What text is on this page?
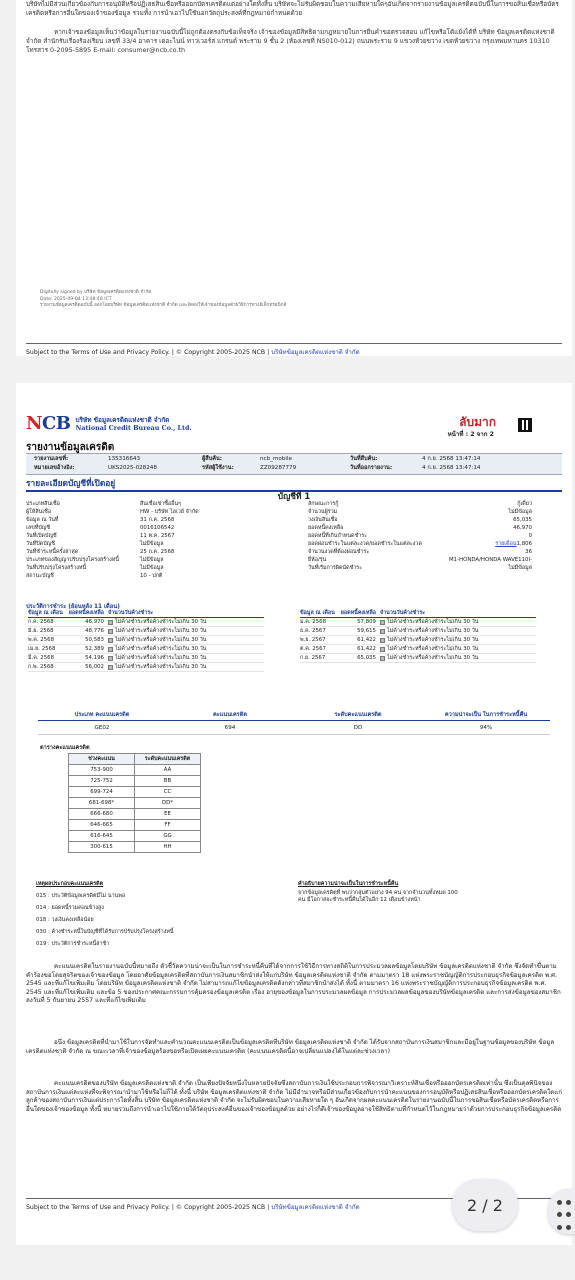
บริษัทไม่มีส่วนเกี่ยวข้องกับการอนุมัติหรือปฏิเสธสินเชื่อหรือออกบัตรเครดิตแต่อย่างใดทั้งสิ้น บริษัทจะไม่รับผิดชอบในความเสียหายใดๆอันเกิดจากรายงานข้อมูลเครดิตฉบับนี้ในการขอสินเชื่อหรือบัตรเครดิตหรือการอื่นใดของเจ้าของข้อมูล รวมทั้ง การนำเอาไปใช้นอกวัตถุประสงค์ที่กฎหมายกำหนดด้วย

หากเจ้าของข้อมูลเห็นว่าข้อมูลในรายงานฉบับนี้ไม่ถูกต้องตรงกับข้อเท็จจริง เจ้าของข้อมูลมีสิทธิตามกฎหมายในการยื่นคำขอตรวจสอบ แก้ไขหรือโต้แย้งได้ที่ บริษัท ข้อมูลเครดิตแห่งชาติ จำกัด สำนักรับเรื่องร้องเรียน เลขที่ 33/4 อาคาร เดอะไนน์ ทาวเวอร์ส แกรนด์ พระราม 9 ชั้น 2 (ห้องเลขที่ NS010-012) ถนนพระราม 9 แขวงห้วยขวาง เขตห้วยขวาง กรุงเทพมหานคร 10310 โทรสาร 0-2095-5895 E-mail: consumer@ncb.co.th

Digitally signed by บริษัท ข้อมูลเครดิตแห่งชาติ จำกัด
Date: 2025-09-04 13:48:48 ICT
รายงานข้อมูลเครดิตฉบับนี้ ออกโดยบริษัท ข้อมูลเครดิตแห่งชาติ จำกัด และจัดส่งให้เจ้าของข้อมูลด้วยวิธีการทางอิเล็กทรอนิกส์
Subject to the Terms of Use and Privacy Policy. | © Copyright 2005-2025 NCB | บริษัทข้อมูลเครดิตแห่งชาติ จำกัด
NCB บริษัท ข้อมูลเครดิตแห่งชาติ จำกัด
National Credit Bureau Co., Ltd.	ลับมาก
หน้าที่ : 2 จาก 2
รายงานข้อมูลเครดิต
รายงานเลขที่:	135316643
หมายเลขอ้างอิง:	UKS2025-028248
ผู้สืบค้น:	ncb_mobile
รหัสผู้ใช้งาน:	ZZ09287779
วันที่สืบค้น:	4 ก.ย. 2568 13:47:14
วันที่ออกรายงาน:	4 ก.ย. 2568 13:47:14
รายละเอียดบัญชีที่เปิดอยู่
บัญชีที่ 1
ประเภทสินเชื่อ	สินเชื่อเช่าซื้ออื่นๆ
ผู้ให้สินเชื่อ	HW - บริษัท ไฮเวย์ จำกัด
ข้อมูล ณ วันที่	31 ก.ค. 2568
เลขที่บัญชี	0016106542
วันที่เปิดบัญชี	11 ต.ค. 2567
วันที่ปิดบัญชี	ไม่มีข้อมูล
วันที่ชำระหนี้ครั้งล่าสุด	25 ก.ค. 2568
ประเภทของสัญญาปรับปรุงโครงสร้างหนี้	ไม่มีข้อมูล
วันที่ปรับปรุงโครงสร้างหนี้	ไม่มีข้อมูล
สถานะบัญชี	10 - ปกติ
ลักษณะการกู้	กู้เดี่ยว
จำนวนผู้ร่วม	ไม่มีข้อมูล
วงเงินสินเชื่อ	65,035
ยอดหนี้คงเหลือ	46,970
ยอดหนี้ที่เกินกำหนดชำระ	0
ยอดผ่อนชำระในแต่ละงวด/ยอดชำระในแต่ละงวด	รายเดือน1,806
จำนวนงวดที่ต้องผ่อนชำระ	36
ยี่ห้อ/รุ่น	M1-HONDA/HONDA WAVE110I-
วันที่เริ่มการผิดนัดชำระ	ไม่มีข้อมูล
ประวัติการชำระ (ย้อนหลัง 11 เดือน)
ข้อมูล ณ เดือน	ยอดหนี้คงเหลือ จำนวนวันค้างชำระ
ก.ค. 2568	46,970 ไม่ค้างชำระหรือค้างชำระไม่เกิน 30 วัน
มิ.ย. 2568	48,776 ไม่ค้างชำระหรือค้างชำระไม่เกิน 30 วัน
พ.ค. 2568	50,583 ไม่ค้างชำระหรือค้างชำระไม่เกิน 30 วัน
เม.ย. 2568	52,389 ไม่ค้างชำระหรือค้างชำระไม่เกิน 30 วัน
มี.ค. 2568	54,196 ไม่ค้างชำระหรือค้างชำระไม่เกิน 30 วัน
ก.พ. 2568	56,002 ไม่ค้างชำระหรือค้างชำระไม่เกิน 30 วัน
ข้อมูล ณ เดือน	ยอดหนี้คงเหลือ จำนวนวันค้างชำระ
ม.ค. 2568	57,809 ไม่ค้างชำระหรือค้างชำระไม่เกิน 30 วัน
ธ.ค. 2567	59,615 ไม่ค้างชำระหรือค้างชำระไม่เกิน 30 วัน
พ.ย. 2567	61,422 ไม่ค้างชำระหรือค้างชำระไม่เกิน 30 วัน
ต.ค. 2567	61,422 ไม่ค้างชำระหรือค้างชำระไม่เกิน 30 วัน
ก.ย. 2567	65,035 ไม่ค้างชำระหรือค้างชำระไม่เกิน 30 วัน
ประเภท คะแนนเครดิต	คะแนนเครดิต	ระดับคะแนนเครดิต	ความน่าจะเป็น ในการชำระหนี้คืน
GE02	694	DD	94%
ตารางคะแนนเครดิต
ช่วงคะแนน	ระดับคะแนนเครดิต
753-900	AA
725-752	BB
699-724	CC
681-698*	DD*
666-680	EE
646-665	FF
616-645	GG
300-615	HH
เหตุผลประกอบคะแนนเครดิต
015 : ประวัติข้อมูลเครดิตมีไม่ นานพอ
014 : ยอดหนี้รวมค่อนข้างสูง
018 : วงเงินคงเหลือน้อย
030 : ค้างชำระหนี้ในบัญชีที่ได้รับการปรับปรุงโครงสร้างหนี้
019 : ประวัติการชำระหนี้ล่าช้า
คำอธิบายความน่าจะเป็นในการชำระหนี้คืน
จากข้อมูลเครดิตที่ พบว่ากลุ่มตัวอย่าง 94 คน จากจำนวนทั้งหมด 100 คน มีโอกาสจะชำระหนี้คืนได้ในอีก 12 เดือนข้างหน้า

คะแนนเครดิตในรายงานฉบับนี้หมายถึง ตัวชี้วัดความน่าจะเป็นในการชำระหนี้คืนที่ได้จากการใช้วิธีการทางสถิติในการประมวลผลข้อมูลโดยบริษัท ข้อมูลเครดิตแห่งชาติ จำกัด ซึ่งจัดทำขึ้นตามคำร้องขอโดยสุจริตของเจ้าของข้อมูล โดยอาศัยข้อมูลเครดิตที่สถาบันการเงินสมาชิกนำส่งให้แก่บริษัท ข้อมูลเครดิตแห่งชาติ จำกัด ตามมาตรา 18 แห่งพระราชบัญญัติการประกอบธุรกิจข้อมูลเครดิต พ.ศ. 2545 และที่แก้ไขเพิ่มเติม โดยบริษัท ข้อมูลเครดิตแห่งชาติ จำกัด ไม่สามารถแก้ไขข้อมูลเครดิตดังกล่าวที่สมาชิกนำส่งได้ ทั้งนี้ ตามมาตรา 16 แห่งพระราชบัญญัติการประกอบธุรกิจข้อมูลเครดิต พ.ศ. 2545 และที่แก้ไขเพิ่มเติม และข้อ 5 ของประกาศคณะกรรมการคุ้มครองข้อมูลเครดิต เรื่อง อายุของข้อมูลในการประมวลผลข้อมูล การประมวลผลข้อมูลของบริษัทข้อมูลเครดิต และการส่งข้อมูลของสมาชิก ลงวันที่ 5 กันยายน 2557 และที่แก้ไขเพิ่มเติม

อนึ่ง ข้อมูลเครดิตที่นำมาใช้ในการจัดทำและคำนวณคะแนนเครดิตเป็นข้อมูลเครดิตที่บริษัท ข้อมูลเครดิตแห่งชาติ จำกัด ได้รับจากสถาบันการเงินสมาชิกและมีอยู่ในฐานข้อมูลของบริษัท ข้อมูลเครดิตแห่งชาติ จำกัด ณ ขณะเวลาที่เจ้าของข้อมูลร้องขอหรือเปิดเผยคะแนนเครดิต (คะแนนเครดิตนี้อาจเปลี่ยนแปลงได้ในแต่ละช่วงเวลา)

คะแนนเครดิตของบริษัท ข้อมูลเครดิตแห่งชาติ จำกัด เป็นเพียงปัจจัยหนึ่งในหลายปัจจัยซึ่งสถาบันการเงินใช้ประกอบการพิจารณาวิเคราะห์สินเชื่อหรือออกบัตรเครดิตเท่านั้น ซึ่งเป็นดุลพินิจของสถาบันการเงินแต่ละแห่งที่จะพิจารณานำมาใช้หรือไม่ก็ได้ ทั้งนี้ บริษัท ข้อมูลเครดิตแห่งชาติ จำกัด ไม่มีอำนาจหรือมีส่วนเกี่ยวข้องกับการนำคะแนนของการอนุมัติหรือปฏิเสธสินเชื่อหรือออกบัตรเครดิตใดแก่ลูกค้าของสถาบันการเงินแต่ประการใดทั้งสิ้น บริษัท ข้อมูลเครดิตแห่งชาติ จำกัด จะไม่รับผิดชอบในความเสียหายใด ๆ อันเกิดจากผลคะแนนเครดิตในรายงานฉบับนี้ในการขอสินเชื่อหรือบัตรเครดิตหรือการอื่นใดของเจ้าของข้อมูล ทั้งนี้ หมายรวมถึงการนำเอาไปใช้ภายใต้วัตถุประสงค์อื่นของเจ้าของข้อมูลด้วย อย่างไรก็ดีเจ้าของข้อมูลอาจใช้สิทธิตามที่กำหนดไว้ในกฎหมายว่าด้วยการประกอบธุรกิจข้อมูลเครดิต

Subject to the Terms of Use and Privacy Policy. | © Copyright 2005-2025 NCB | บริษัทข้อมูลเครดิตแห่งชาติ จำกัด	2 / 2
